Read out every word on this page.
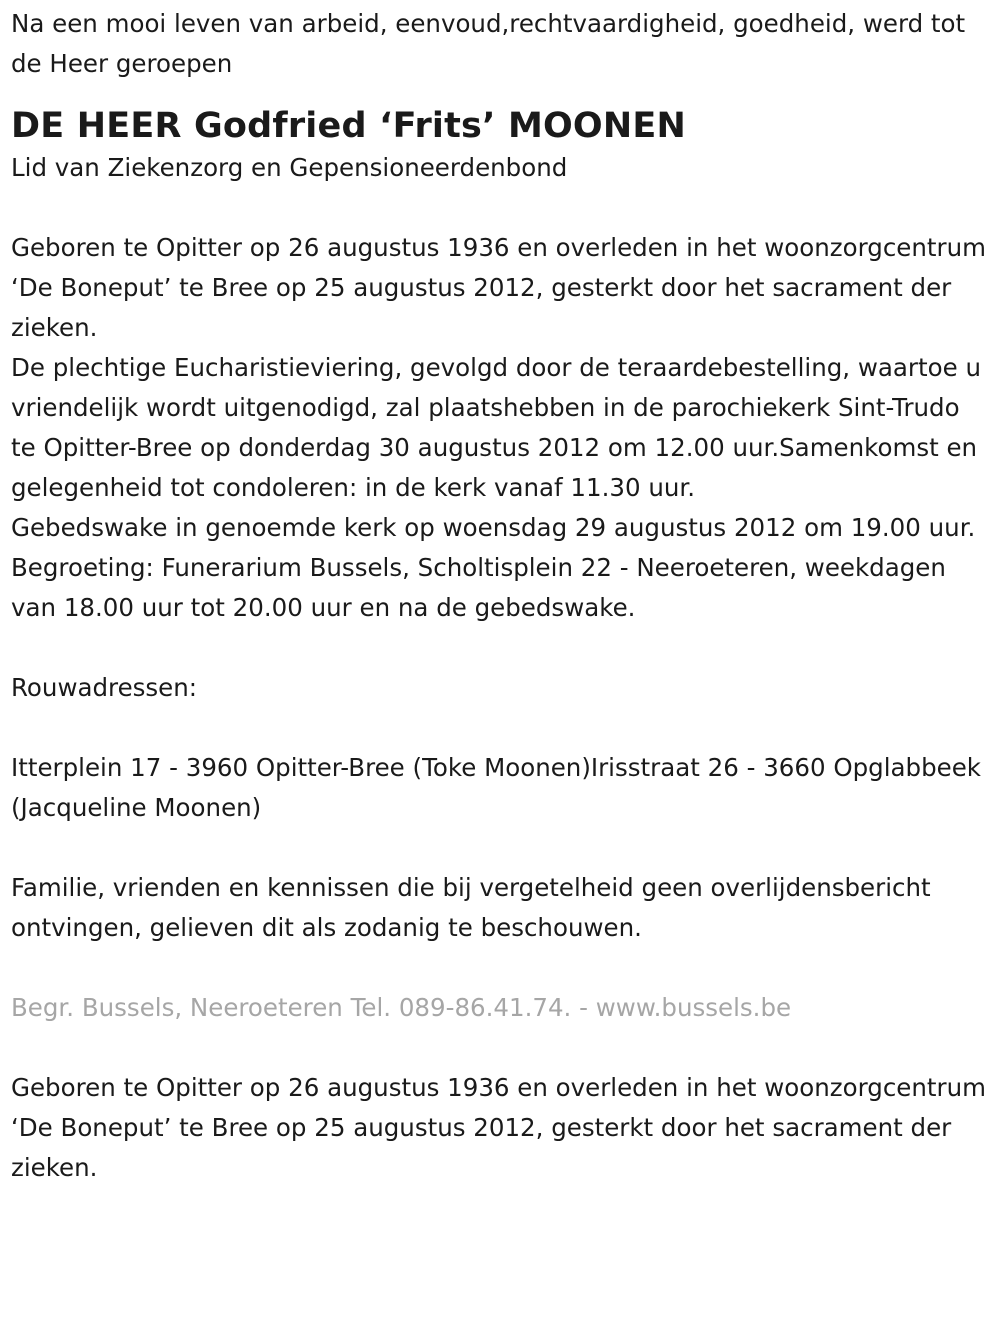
Na een mooi leven van arbeid, eenvoud,rechtvaardigheid, goedheid, werd tot
de Heer geroepen

DE HEER Godfried ‘Frits’ MOONEN

Lid van Ziekenzorg en Gepensioneerdenbond

Geboren te Opitter op 26 augustus 1936 en overleden in het woonzorgcentrum ‘De Boneput’ te Bree op 25 augustus 2012, gesterkt door het sacrament der zieken.

De plechtige Eucharistieviering, gevolgd door de teraardebestelling, waartoe u vriendelijk wordt uitgenodigd, zal plaatshebben in de parochiekerk Sint-Trudo te Opitter-Bree op donderdag 30 augustus 2012 om 12.00 uur.Samenkomst en gelegenheid tot condoleren: in de kerk vanaf 11.30 uur.

Gebedswake in genoemde kerk op woensdag 29 augustus 2012 om 19.00 uur.

Begroeting: Funerarium Bussels, Scholtisplein 22 - Neeroeteren, weekdagen van 18.00 uur tot 20.00 uur en na de gebedswake.

Rouwadressen:

Itterplein 17 - 3960 Opitter-Bree (Toke Moonen)Irisstraat 26 - 3660 Opglabbeek (Jacqueline Moonen)

Familie, vrienden en kennissen die bij vergetelheid geen overlijdensbericht ontvingen, gelieven dit als zodanig te beschouwen.

Begr. Bussels, Neeroeteren Tel. 089-86.41.74. - www.bussels.be

Geboren te Opitter op 26 augustus 1936 en overleden in het woonzorgcentrum ‘De Boneput’ te Bree op 25 augustus 2012, gesterkt door het sacrament der zieken.
